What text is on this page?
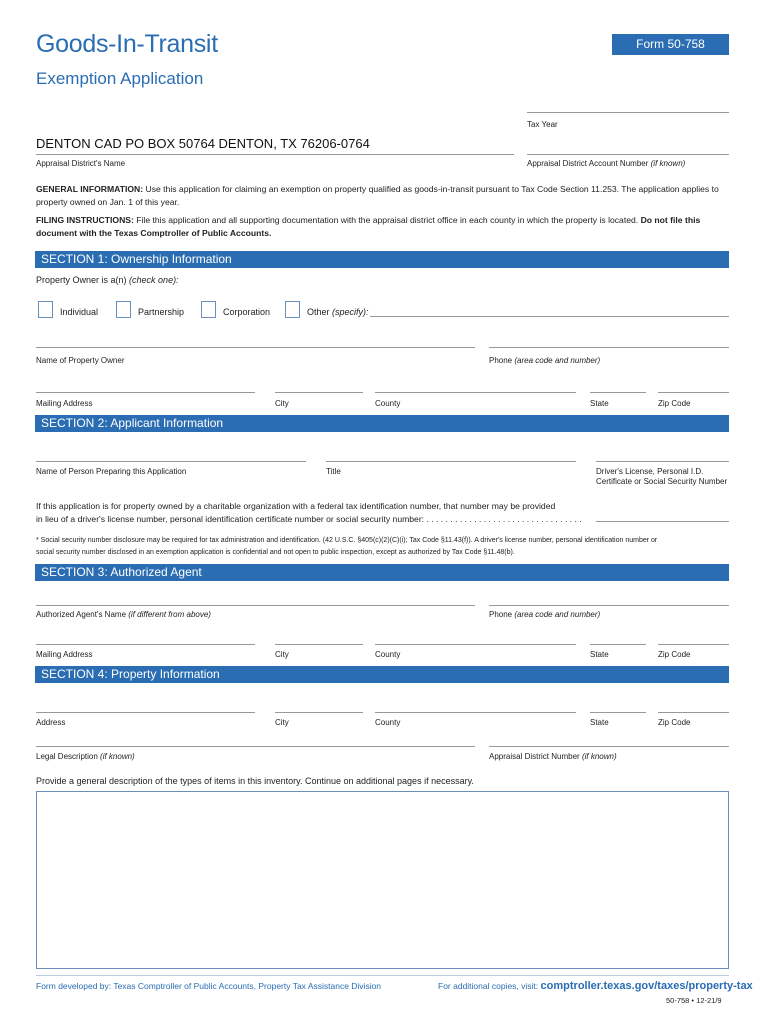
Goods-In-Transit
Exemption Application
Form 50-758
Tax Year
DENTON CAD PO BOX 50764 DENTON, TX 76206-0764
Appraisal District's Name	Appraisal District Account Number (if known)
GENERAL INFORMATION: Use this application for claiming an exemption on property qualified as goods-in-transit pursuant to Tax Code Section 11.253. The application applies to property owned on Jan. 1 of this year.
FILING INSTRUCTIONS: File this application and all supporting documentation with the appraisal district office in each county in which the property is located. Do not file this document with the Texas Comptroller of Public Accounts.
SECTION 1: Ownership Information
Property Owner is a(n) (check one):
Individual	Partnership	Corporation	Other (specify):
Name of Property Owner	Phone (area code and number)
Mailing Address	City	County	State	Zip Code
SECTION 2: Applicant Information
Name of Person Preparing this Application	Title	Driver's License, Personal I.D.
Certificate or Social Security Number
If this application is for property owned by a charitable organization with a federal tax identification number, that number may be provided
in lieu of a driver's license number, personal identification certificate number or social security number: . . . . . . . . . . . . . . . . . . . . . . . . . . . . . . . . .
* Social security number disclosure may be required for tax administration and identification. (42 U.S.C. §405(c)(2)(C)(i); Tax Code §11.43(f)). A driver's license number, personal identification number or
social security number disclosed in an exemption application is confidential and not open to public inspection, except as authorized by Tax Code §11.48(b).
SECTION 3: Authorized Agent
Authorized Agent's Name (if different from above)	Phone (area code and number)
Mailing Address	City	County	State	Zip Code
SECTION 4: Property Information
Address	City	County	State	Zip Code
Legal Description (if known)	Appraisal District Number (if known)
Provide a general description of the types of items in this inventory. Continue on additional pages if necessary.
Form developed by: Texas Comptroller of Public Accounts, Property Tax Assistance Division	For additional copies, visit: comptroller.texas.gov/taxes/property-tax
50-758 • 12-21/9
